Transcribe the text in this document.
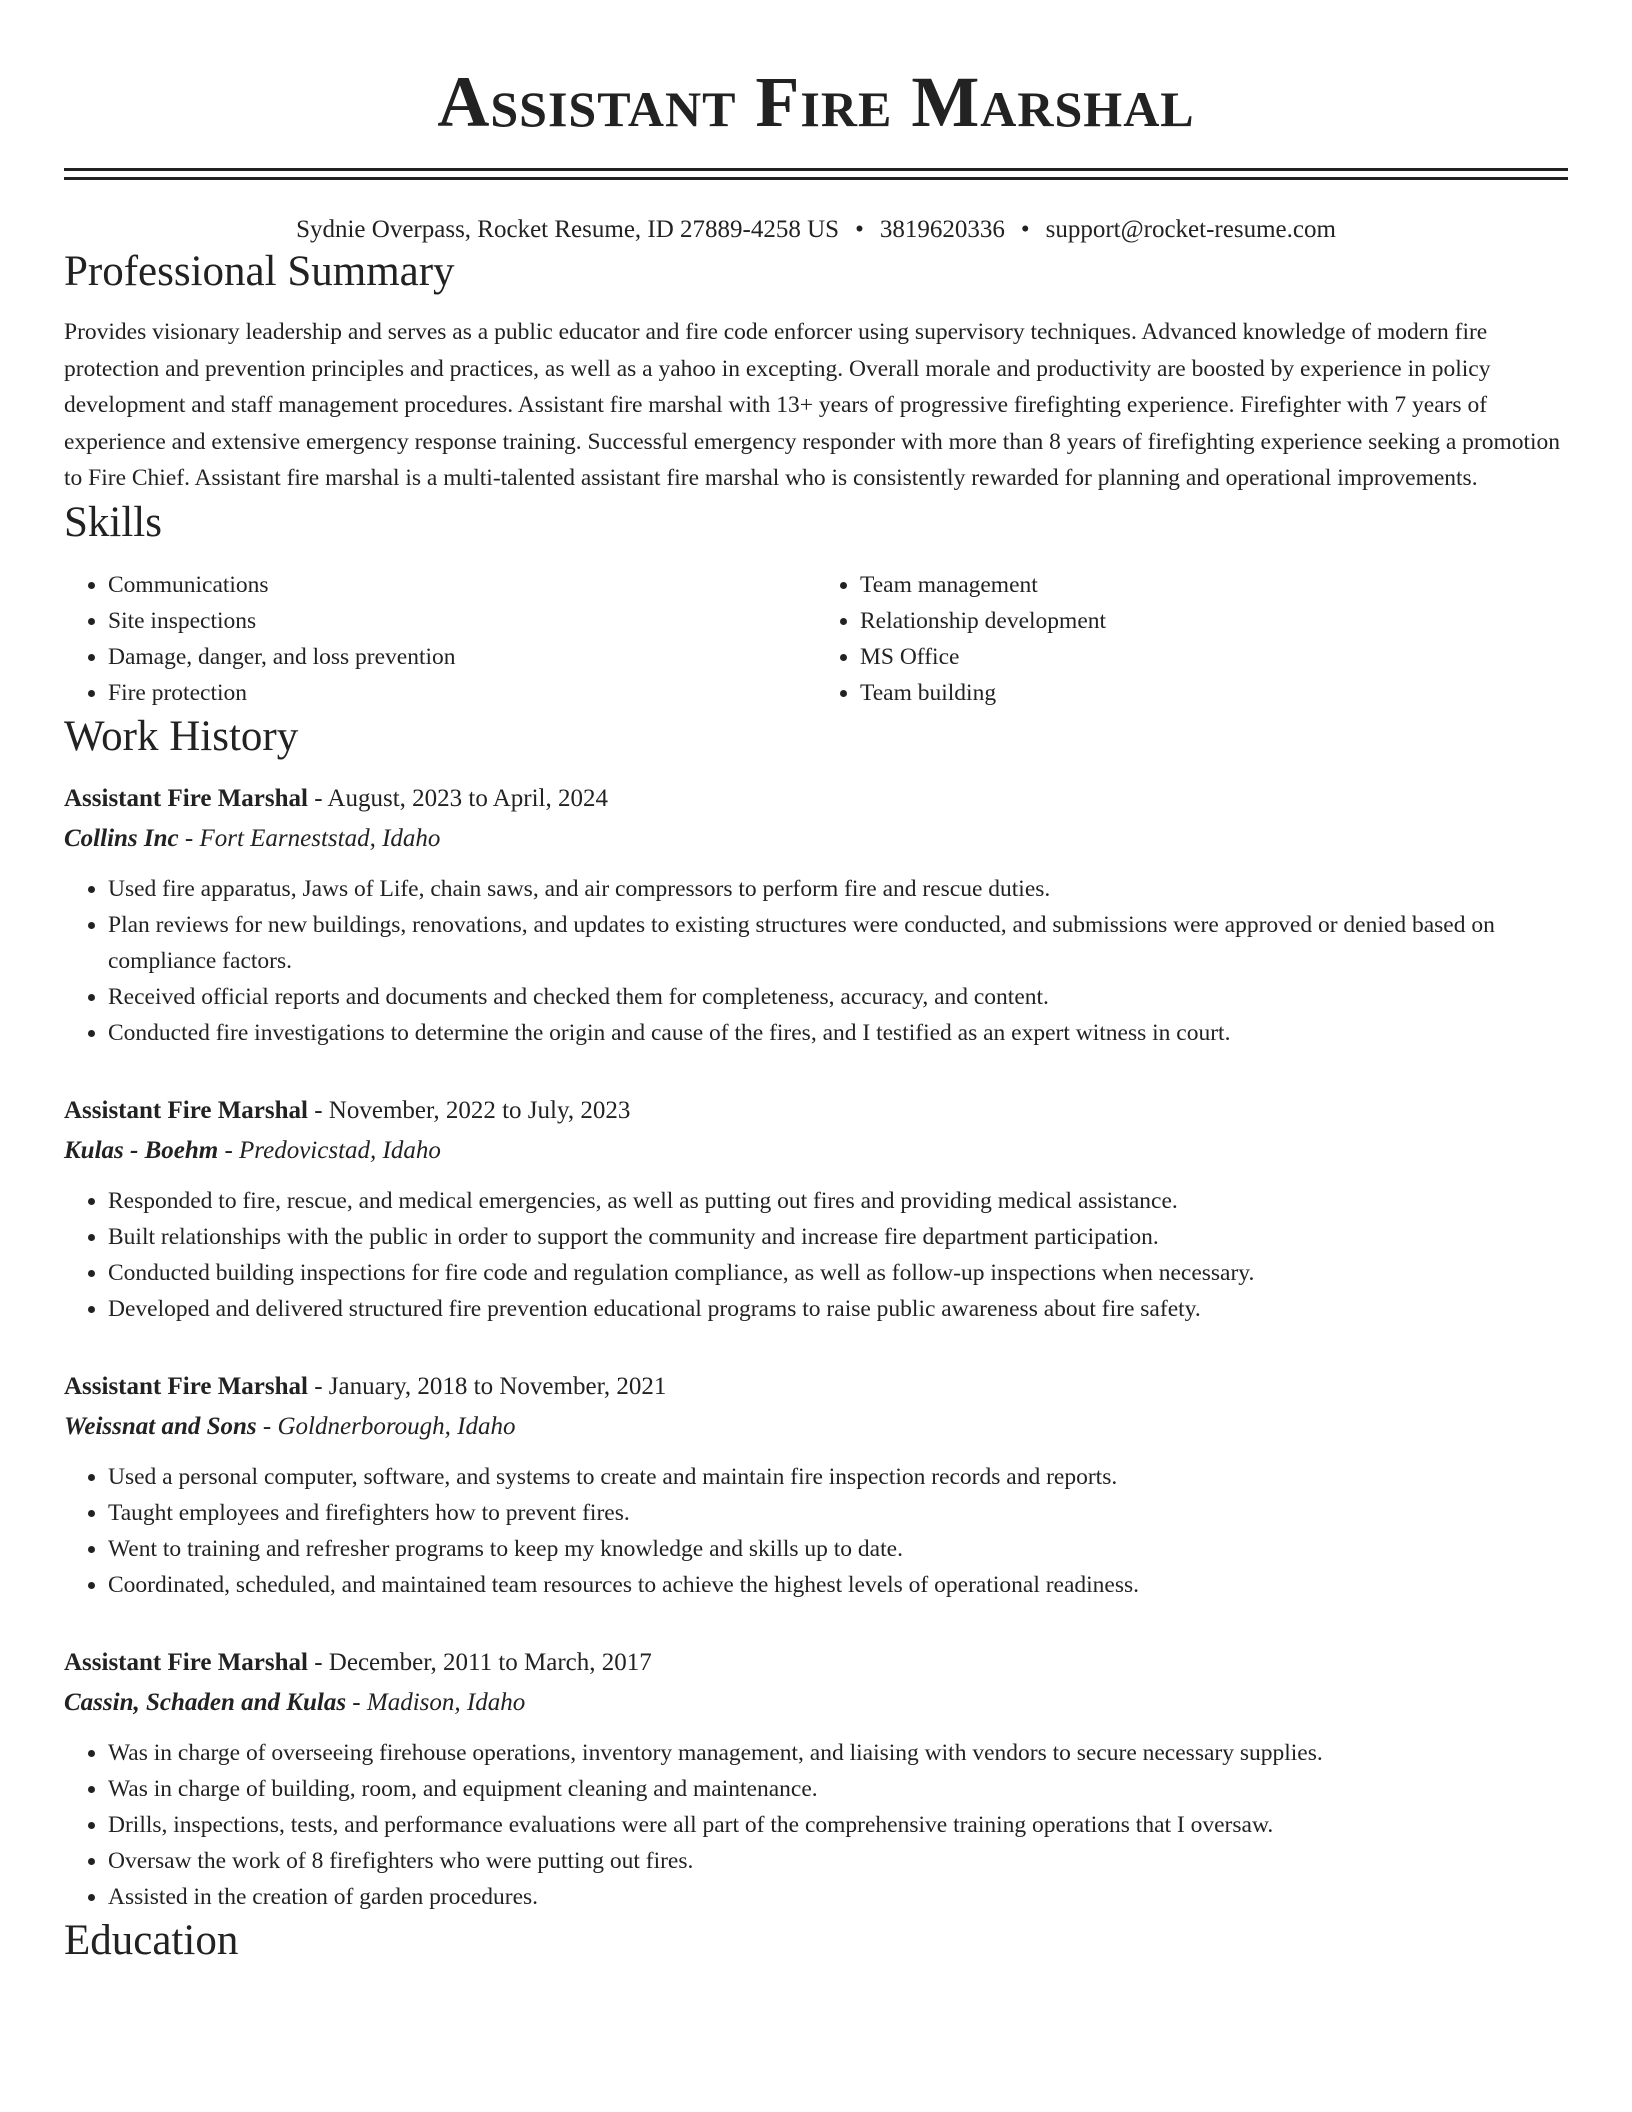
Assistant Fire Marshal
Sydnie Overpass, Rocket Resume, ID 27889-4258 US • 3819620336 • support@rocket-resume.com
Professional Summary

Provides visionary leadership and serves as a public educator and fire code enforcer using supervisory techniques. Advanced knowledge of modern fire protection and prevention principles and practices, as well as a yahoo in excepting. Overall morale and productivity are boosted by experience in policy development and staff management procedures. Assistant fire marshal with 13+ years of progressive firefighting experience. Firefighter with 7 years of experience and extensive emergency response training. Successful emergency responder with more than 8 years of firefighting experience seeking a promotion to Fire Chief. Assistant fire marshal is a multi-talented assistant fire marshal who is consistently rewarded for planning and operational improvements.

Skills
• Communications
• Site inspections
• Damage, danger, and loss prevention
• Fire protection
• Team management
• Relationship development
• MS Office
• Team building
Work History
Assistant Fire Marshal - August, 2023 to April, 2024
Collins Inc - Fort Earneststad, Idaho
• Used fire apparatus, Jaws of Life, chain saws, and air compressors to perform fire and rescue duties.
• Plan reviews for new buildings, renovations, and updates to existing structures were conducted, and submissions were approved or denied based on compliance factors.
• Received official reports and documents and checked them for completeness, accuracy, and content.
• Conducted fire investigations to determine the origin and cause of the fires, and I testified as an expert witness in court.
Assistant Fire Marshal - November, 2022 to July, 2023
Kulas - Boehm - Predovicstad, Idaho
• Responded to fire, rescue, and medical emergencies, as well as putting out fires and providing medical assistance.
• Built relationships with the public in order to support the community and increase fire department participation.
• Conducted building inspections for fire code and regulation compliance, as well as follow-up inspections when necessary.
• Developed and delivered structured fire prevention educational programs to raise public awareness about fire safety.
Assistant Fire Marshal - January, 2018 to November, 2021
Weissnat and Sons - Goldnerborough, Idaho
• Used a personal computer, software, and systems to create and maintain fire inspection records and reports.
• Taught employees and firefighters how to prevent fires.
• Went to training and refresher programs to keep my knowledge and skills up to date.
• Coordinated, scheduled, and maintained team resources to achieve the highest levels of operational readiness.
Assistant Fire Marshal - December, 2011 to March, 2017
Cassin, Schaden and Kulas - Madison, Idaho
• Was in charge of overseeing firehouse operations, inventory management, and liaising with vendors to secure necessary supplies.
• Was in charge of building, room, and equipment cleaning and maintenance.
• Drills, inspections, tests, and performance evaluations were all part of the comprehensive training operations that I oversaw.
• Oversaw the work of 8 firefighters who were putting out fires.
• Assisted in the creation of garden procedures.
Education
